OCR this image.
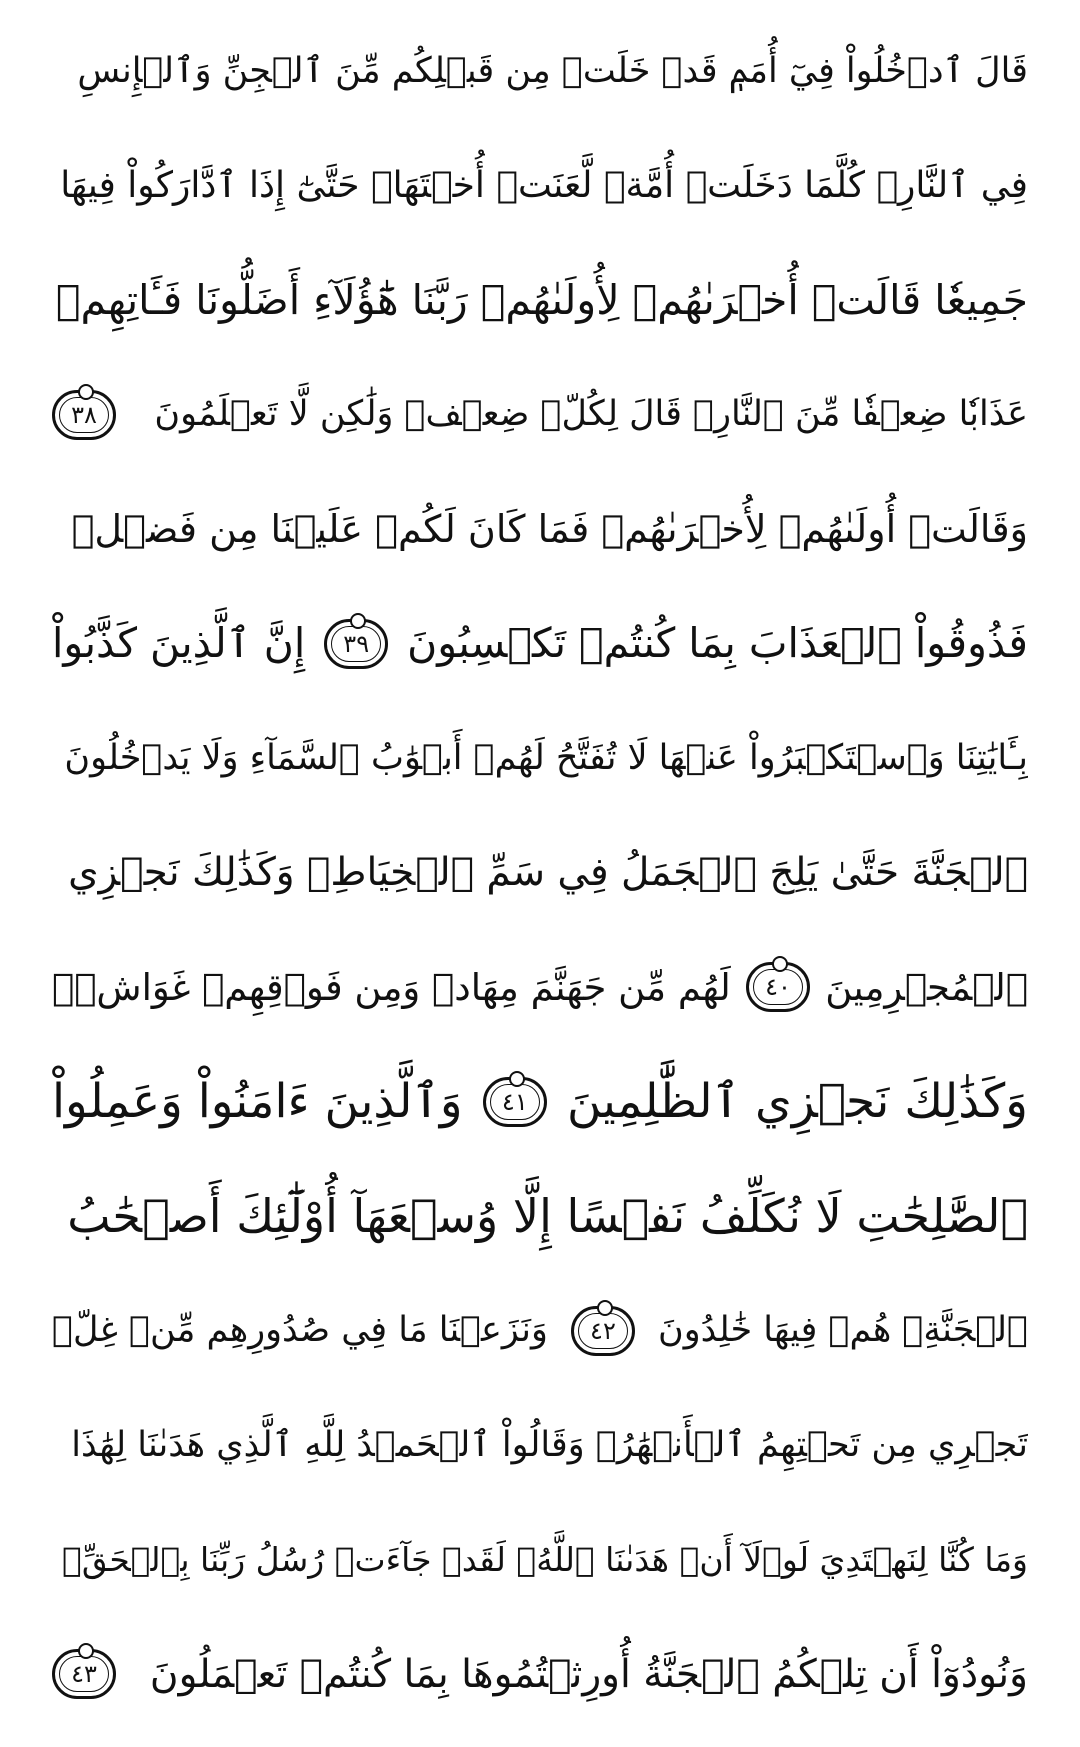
قَالَ ٱدۡخُلُواْ فِيٓ أُمَمٖ قَدۡ خَلَتۡ مِن قَبۡلِكُم مِّنَ ٱلۡجِنِّ وَٱلۡإِنسِ
فِي ٱلنَّارِۖ كُلَّمَا دَخَلَتۡ أُمَّةٞ لَّعَنَتۡ أُخۡتَهَاۖ حَتَّىٰٓ إِذَا ٱدَّارَكُواْ فِيهَا
جَمِيعٗا قَالَتۡ أُخۡرَىٰهُمۡ لِأُولَىٰهُمۡ رَبَّنَا هَٰٓؤُلَآءِ أَضَلُّونَا فَـَٔاتِهِمۡ
عَذَابٗا ضِعۡفٗا مِّنَ ٱلنَّارِۖ قَالَ لِكُلّٖ ضِعۡفٞ وَلَٰكِن لَّا تَعۡلَمُونَ
٣٨
وَقَالَتۡ أُولَىٰهُمۡ لِأُخۡرَىٰهُمۡ فَمَا كَانَ لَكُمۡ عَلَيۡنَا مِن فَضۡلٖ
فَذُوقُواْ ٱلۡعَذَابَ بِمَا كُنتُمۡ تَكۡسِبُونَ
٣٩
إِنَّ ٱلَّذِينَ كَذَّبُواْ
بِـَٔايَٰتِنَا وَٱسۡتَكۡبَرُواْ عَنۡهَا لَا تُفَتَّحُ لَهُمۡ أَبۡوَٰبُ ٱلسَّمَآءِ وَلَا يَدۡخُلُونَ
ٱلۡجَنَّةَ حَتَّىٰ يَلِجَ ٱلۡجَمَلُ فِي سَمِّ ٱلۡخِيَاطِۚ وَكَذَٰلِكَ نَجۡزِي
ٱلۡمُجۡرِمِينَ
٤٠
لَهُم مِّن جَهَنَّمَ مِهَادٞ وَمِن فَوۡقِهِمۡ غَوَاشٖۚ
وَكَذَٰلِكَ نَجۡزِي ٱلظَّٰلِمِينَ
٤١
وَٱلَّذِينَ ءَامَنُواْ وَعَمِلُواْ
ٱلصَّٰلِحَٰتِ لَا نُكَلِّفُ نَفۡسًا إِلَّا وُسۡعَهَآ أُوْلَٰٓئِكَ أَصۡحَٰبُ
ٱلۡجَنَّةِۖ هُمۡ فِيهَا خَٰلِدُونَ
٤٢
وَنَزَعۡنَا مَا فِي صُدُورِهِم مِّنۡ غِلّٖ
تَجۡرِي مِن تَحۡتِهِمُ ٱلۡأَنۡهَٰرُۖ وَقَالُواْ ٱلۡحَمۡدُ لِلَّهِ ٱلَّذِي هَدَىٰنَا لِهَٰذَا
وَمَا كُنَّا لِنَهۡتَدِيَ لَوۡلَآ أَنۡ هَدَىٰنَا ٱللَّهُۖ لَقَدۡ جَآءَتۡ رُسُلُ رَبِّنَا بِٱلۡحَقِّۖ
وَنُودُوٓاْ أَن تِلۡكُمُ ٱلۡجَنَّةُ أُورِثۡتُمُوهَا بِمَا كُنتُمۡ تَعۡمَلُونَ
٤٣
